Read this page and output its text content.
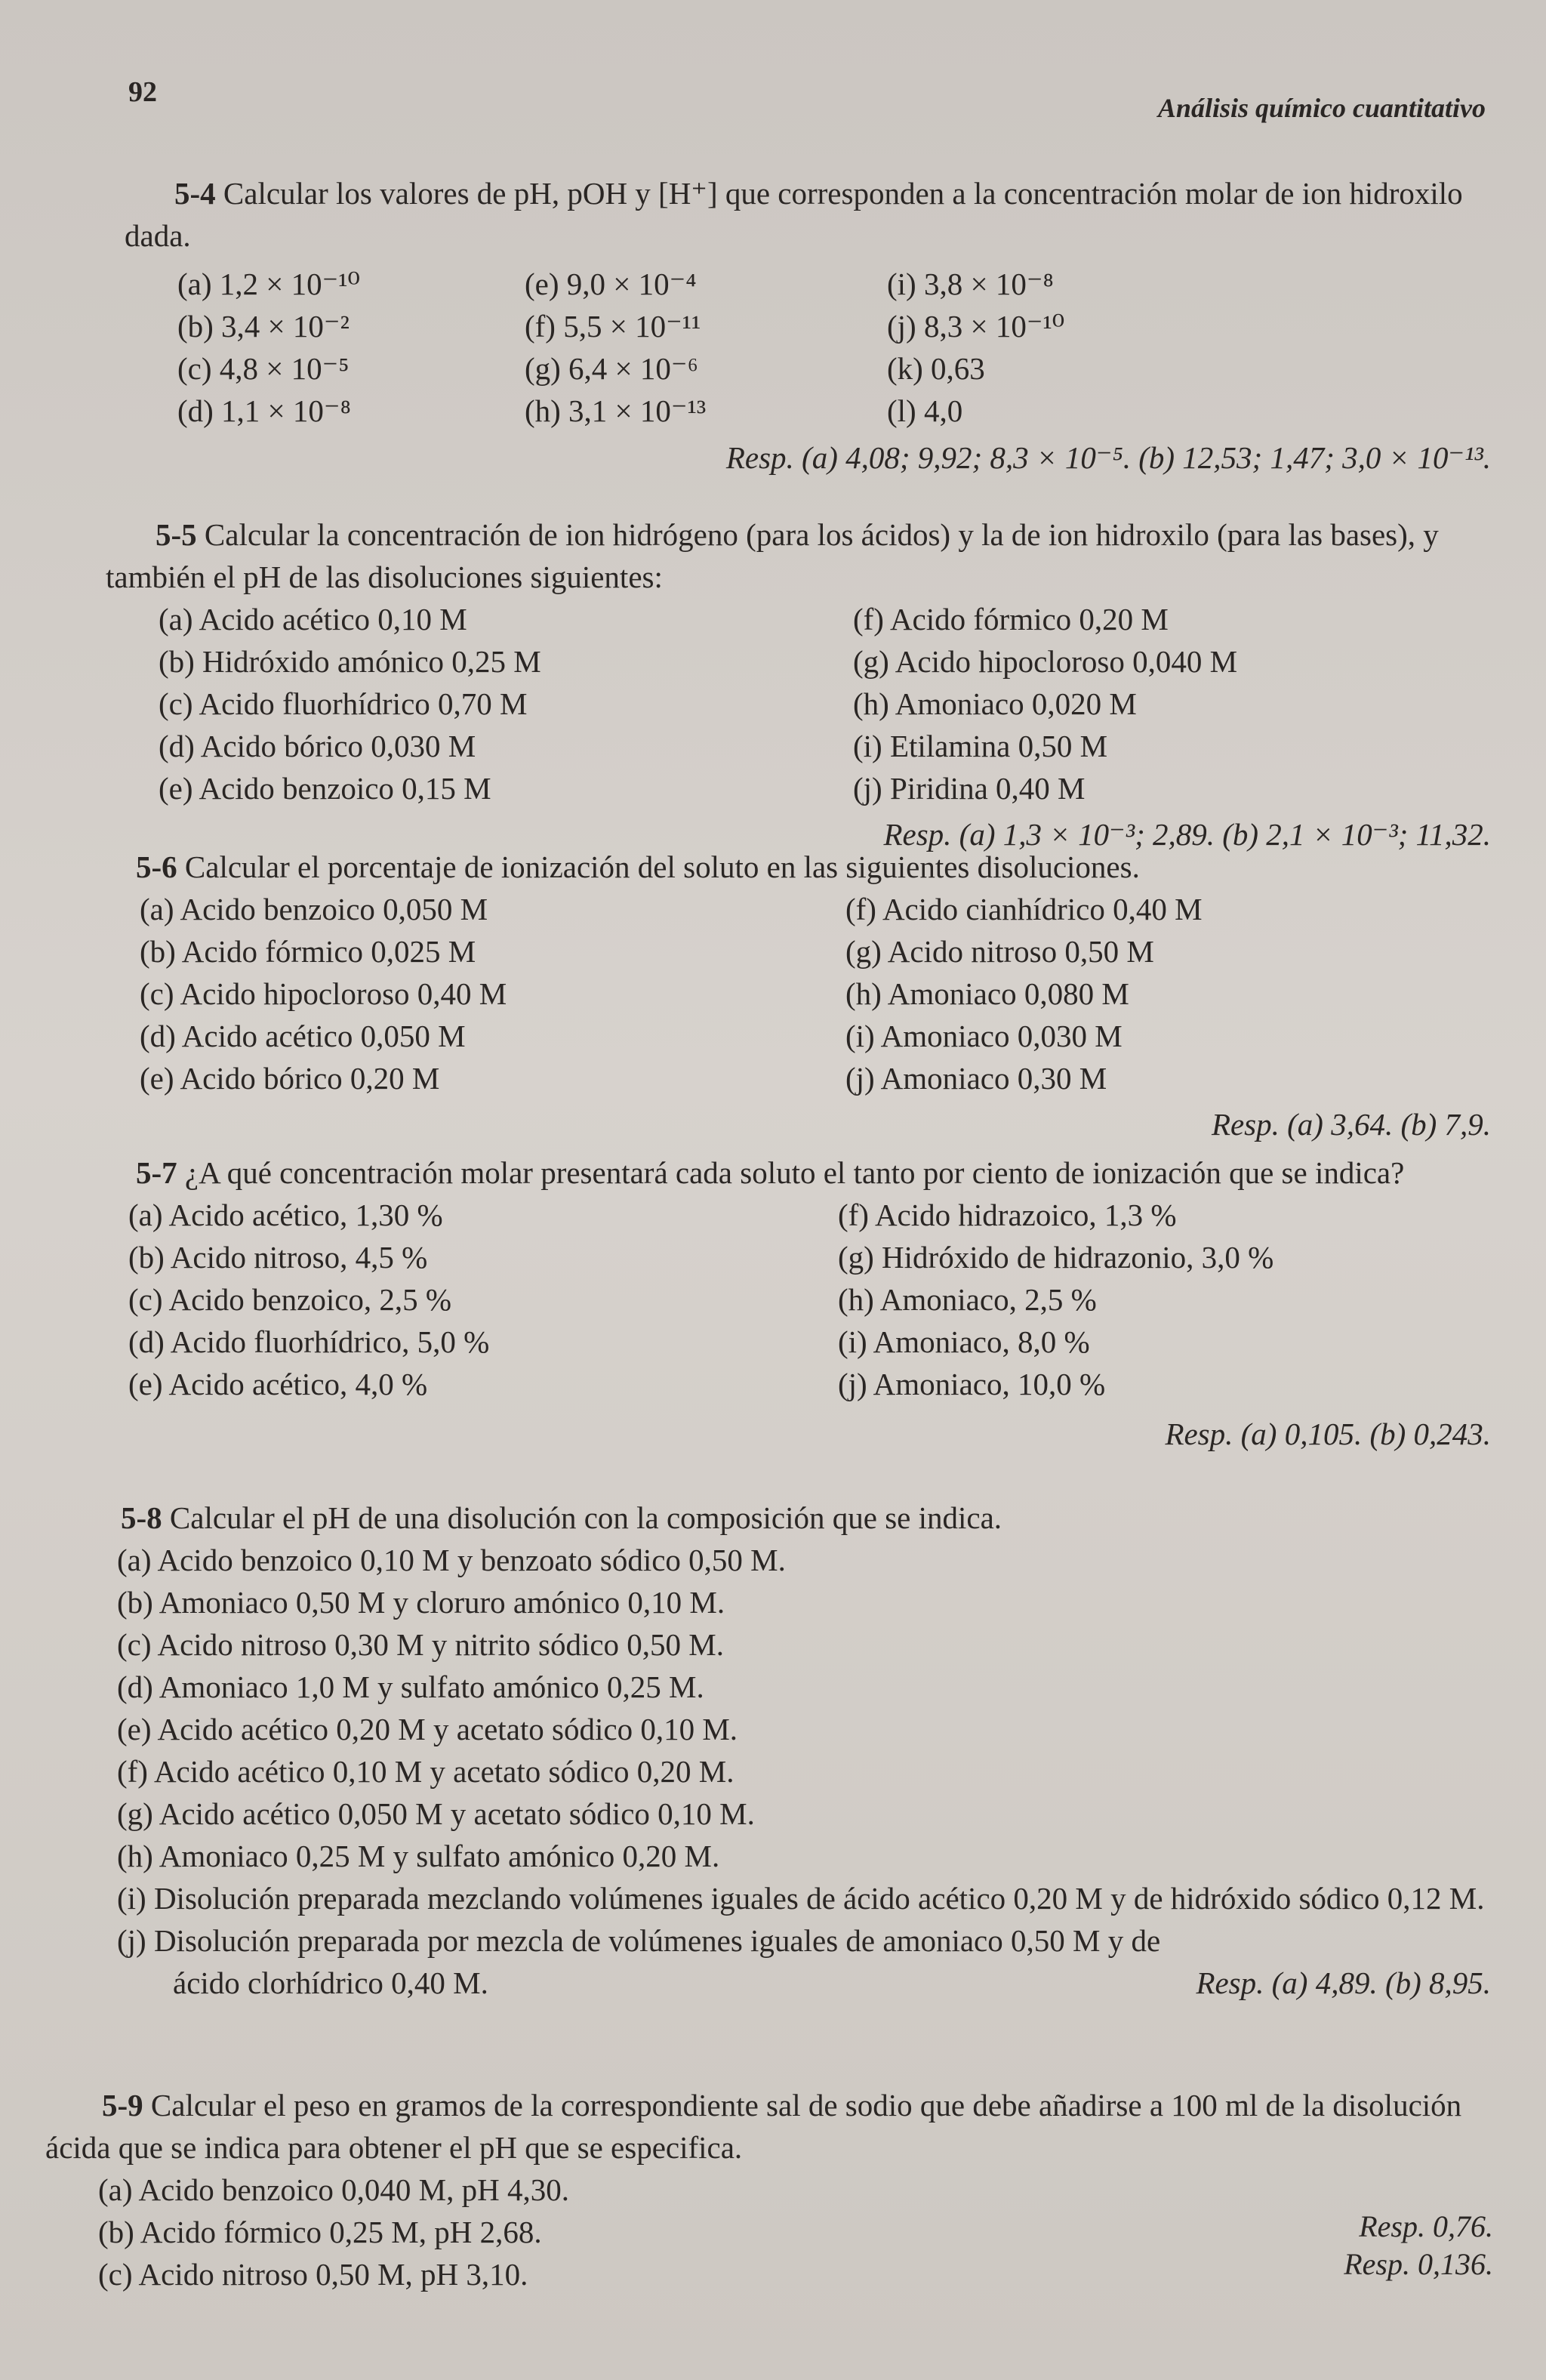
92	Análisis químico cuantitativo

5-4 Calcular los valores de pH, pOH y [H⁺] que corresponden a la concentración molar de ion hidroxilo dada.

(a) 1,2 × 10⁻¹⁰
(b) 3,4 × 10⁻²
(c) 4,8 × 10⁻⁵
(d) 1,1 × 10⁻⁸
(e) 9,0 × 10⁻⁴
(f) 5,5 × 10⁻¹¹
(g) 6,4 × 10⁻⁶
(h) 3,1 × 10⁻¹³
(i) 3,8 × 10⁻⁸
(j) 8,3 × 10⁻¹⁰
(k) 0,63
(l) 4,0
Resp. (a) 4,08; 9,92; 8,3 × 10⁻⁵. (b) 12,53; 1,47; 3,0 × 10⁻¹³.

5-5 Calcular la concentración de ion hidrógeno (para los ácidos) y la de ion hidroxilo (para las bases), y también el pH de las disoluciones siguientes:

(a) Acido acético 0,10 M
(b) Hidróxido amónico 0,25 M
(c) Acido fluorhídrico 0,70 M
(d) Acido bórico 0,030 M
(e) Acido benzoico 0,15 M
(f) Acido fórmico 0,20 M
(g) Acido hipocloroso 0,040 M
(h) Amoniaco 0,020 M
(i) Etilamina 0,50 M
(j) Piridina 0,40 M
Resp. (a) 1,3 × 10⁻³; 2,89. (b) 2,1 × 10⁻³; 11,32.

5-6 Calcular el porcentaje de ionización del soluto en las siguientes disoluciones.

(a) Acido benzoico 0,050 M
(b) Acido fórmico 0,025 M
(c) Acido hipocloroso 0,40 M
(d) Acido acético 0,050 M
(e) Acido bórico 0,20 M
(f) Acido cianhídrico 0,40 M
(g) Acido nitroso 0,50 M
(h) Amoniaco 0,080 M
(i) Amoniaco 0,030 M
(j) Amoniaco 0,30 M
Resp. (a) 3,64. (b) 7,9.

5-7 ¿A qué concentración molar presentará cada soluto el tanto por ciento de ionización que se indica?

(a) Acido acético, 1,30 %
(b) Acido nitroso, 4,5 %
(c) Acido benzoico, 2,5 %
(d) Acido fluorhídrico, 5,0 %
(e) Acido acético, 4,0 %
(f) Acido hidrazoico, 1,3 %
(g) Hidróxido de hidrazonio, 3,0 %
(h) Amoniaco, 2,5 %
(i) Amoniaco, 8,0 %
(j) Amoniaco, 10,0 %
Resp. (a) 0,105. (b) 0,243.

5-8 Calcular el pH de una disolución con la composición que se indica.

(a) Acido benzoico 0,10 M y benzoato sódico 0,50 M.
(b) Amoniaco 0,50 M y cloruro amónico 0,10 M.
(c) Acido nitroso 0,30 M y nitrito sódico 0,50 M.
(d) Amoniaco 1,0 M y sulfato amónico 0,25 M.
(e) Acido acético 0,20 M y acetato sódico 0,10 M.
(f) Acido acético 0,10 M y acetato sódico 0,20 M.
(g) Acido acético 0,050 M y acetato sódico 0,10 M.
(h) Amoniaco 0,25 M y sulfato amónico 0,20 M.
(i) Disolución preparada mezclando volúmenes iguales de ácido acético 0,20 M y de hidróxido sódico 0,12 M.
(j) Disolución preparada por mezcla de volúmenes iguales de amoniaco 0,50 M y de ácido clorhídrico 0,40 M.	Resp. (a) 4,89. (b) 8,95.

5-9 Calcular el peso en gramos de la correspondiente sal de sodio que debe añadirse a 100 ml de la disolución ácida que se indica para obtener el pH que se especifica.

(a) Acido benzoico 0,040 M, pH 4,30.
(b) Acido fórmico 0,25 M, pH 2,68.
(c) Acido nitroso 0,50 M, pH 3,10.
Resp. 0,76.
Resp. 0,136.
